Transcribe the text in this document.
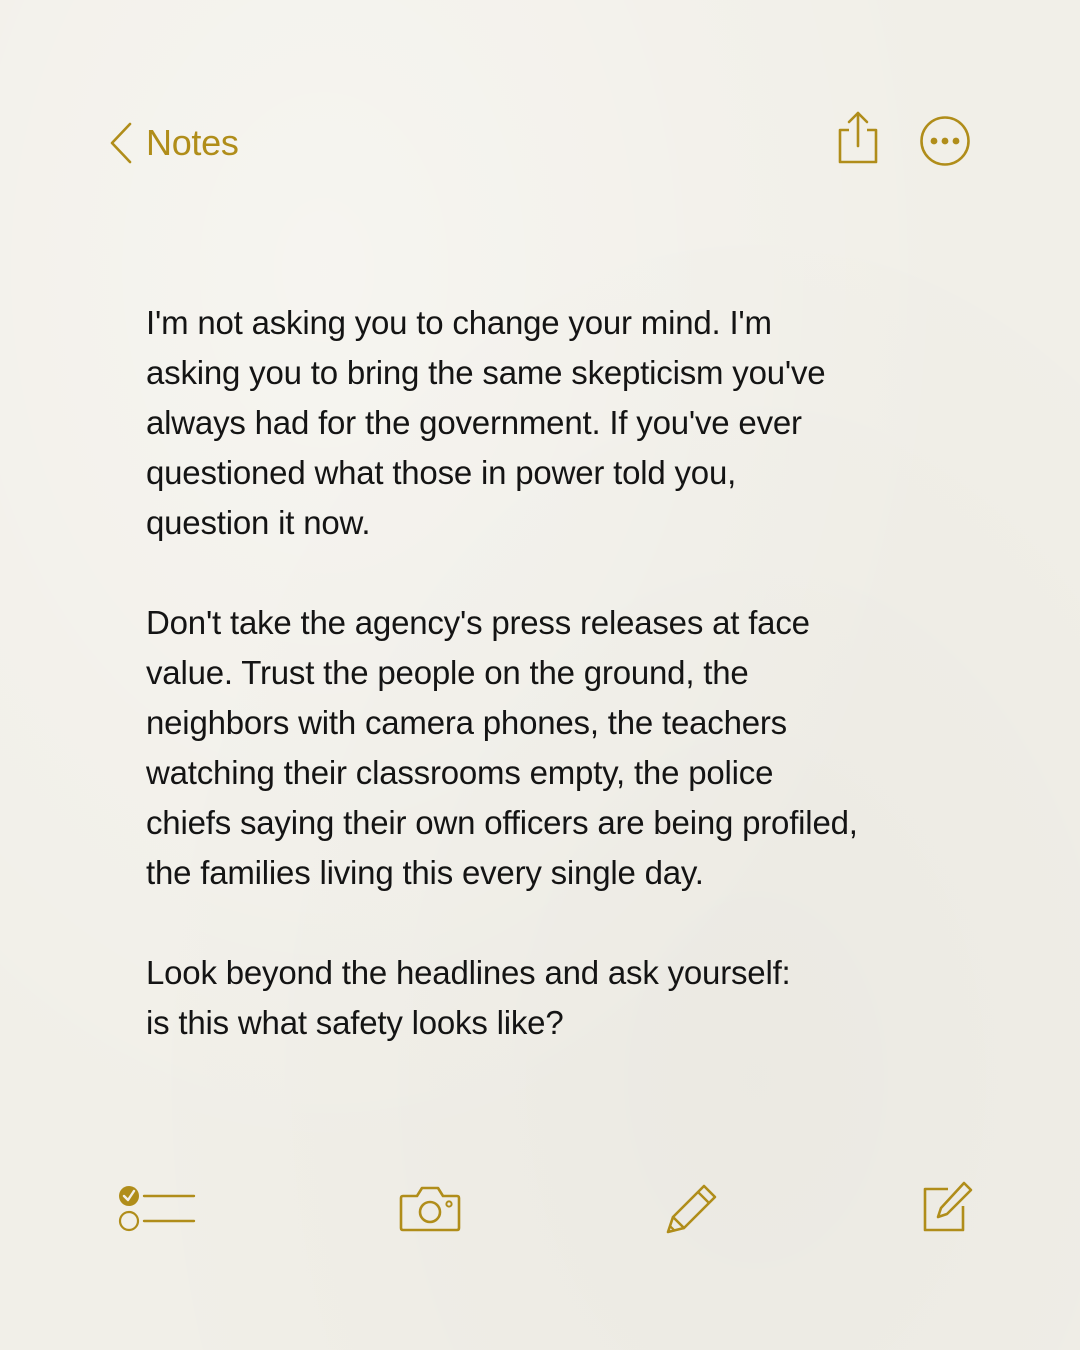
Notes

I'm not asking you to change your mind. I'm
asking you to bring the same skepticism you've
always had for the government. If you've ever
questioned what those in power told you,
question it now.

Don't take the agency's press releases at face
value. Trust the people on the ground, the
neighbors with camera phones, the teachers
watching their classrooms empty, the police
chiefs saying their own officers are being profiled,
the families living this every single day.

Look beyond the headlines and ask yourself:
is this what safety looks like?
